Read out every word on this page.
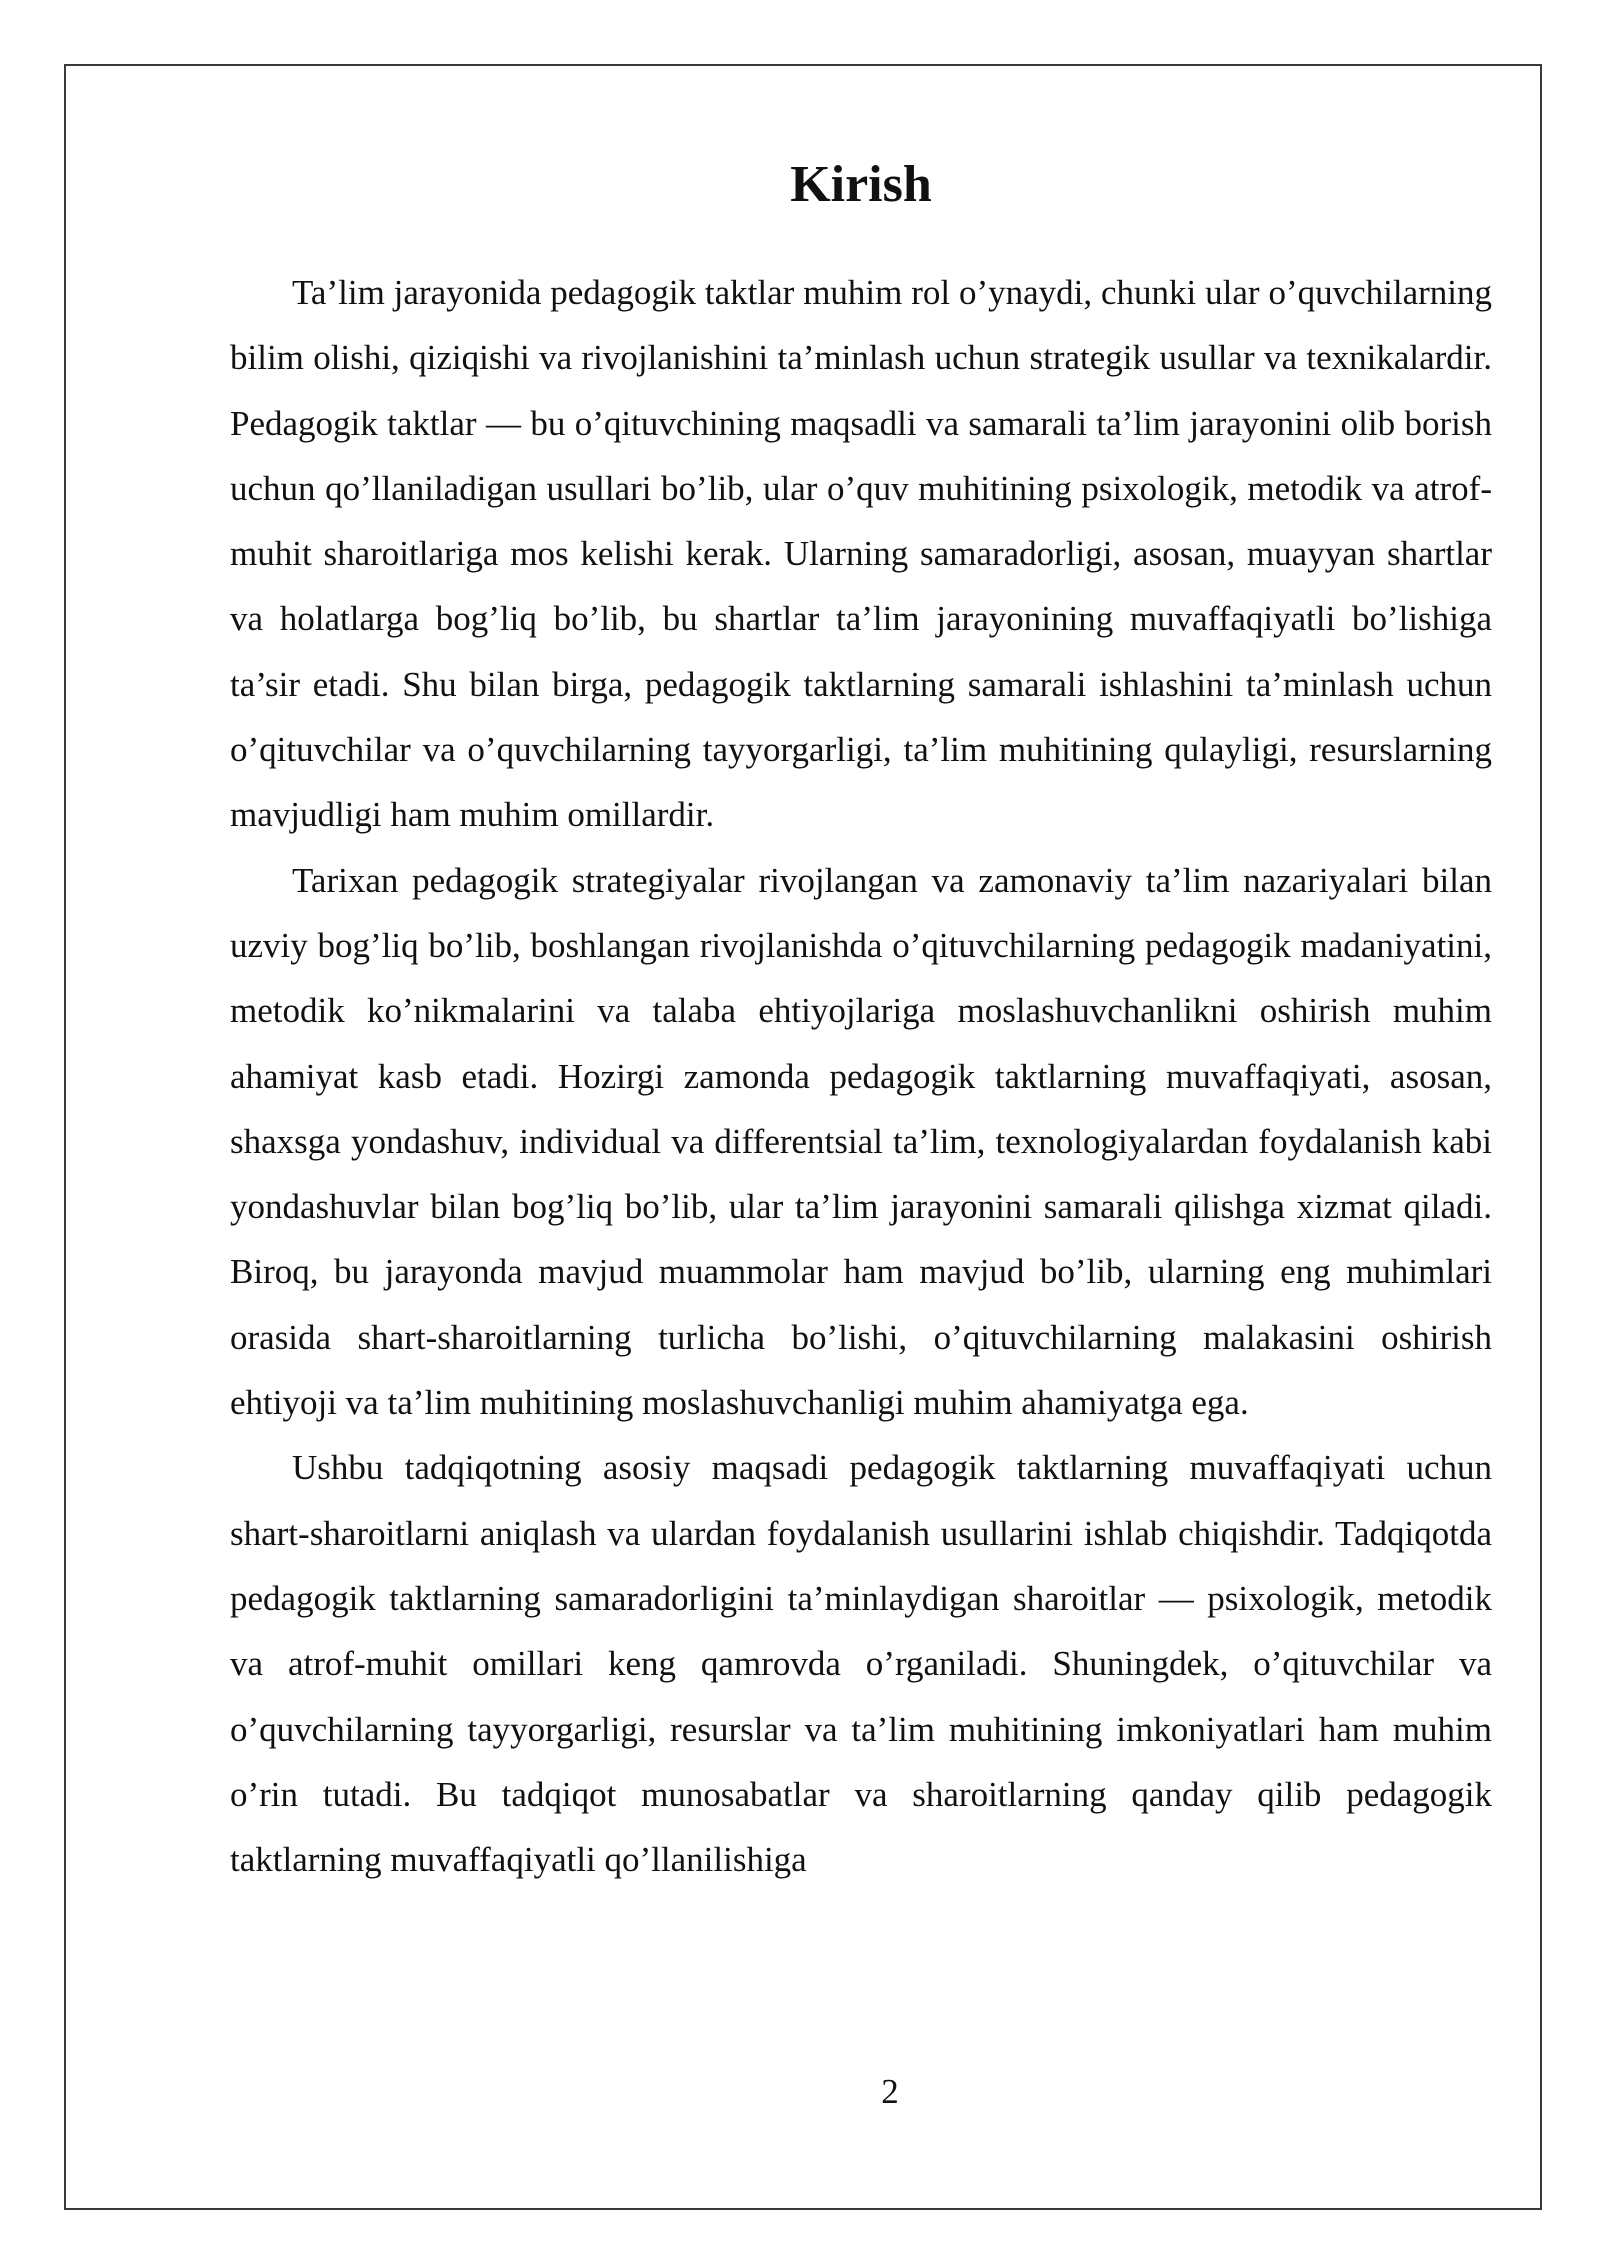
Kirish

Ta’lim jarayonida pedagogik taktlar muhim rol o’ynaydi, chunki ular o’quvchilarning bilim olishi, qiziqishi va rivojlanishini ta’minlash uchun strategik usullar va texnikalardir. Pedagogik taktlar — bu o’qituvchining maqsadli va samarali ta’lim jarayonini olib borish uchun qo’llaniladigan usullari bo’lib, ular o’quv muhitining psixologik, metodik va atrof-muhit sharoitlariga mos kelishi kerak. Ularning samaradorligi, asosan, muayyan shartlar va holatlarga bog’liq bo’lib, bu shartlar ta’lim jarayonining muvaffaqiyatli bo’lishiga ta’sir etadi. Shu bilan birga, pedagogik taktlarning samarali ishlashini ta’minlash uchun o’qituvchilar va o’quvchilarning tayyorgarligi, ta’lim muhitining qulayligi, resurslarning mavjudligi ham muhim omillardir.

Tarixan pedagogik strategiyalar rivojlangan va zamonaviy ta’lim nazariyalari bilan uzviy bog’liq bo’lib, boshlangan rivojlanishda o’qituvchilarning pedagogik madaniyatini, metodik ko’nikmalarini va talaba ehtiyojlariga moslashuvchanlikni oshirish muhim ahamiyat kasb etadi. Hozirgi zamonda pedagogik taktlarning muvaffaqiyati, asosan, shaxsga yondashuv, individual va differentsial ta’lim, texnologiyalardan foydalanish kabi yondashuvlar bilan bog’liq bo’lib, ular ta’lim jarayonini samarali qilishga xizmat qiladi. Biroq, bu jarayonda mavjud muammolar ham mavjud bo’lib, ularning eng muhimlari orasida shart-sharoitlarning turlicha bo’lishi, o’qituvchilarning malakasini oshirish ehtiyoji va ta’lim muhitining moslashuvchanligi muhim ahamiyatga ega.

Ushbu tadqiqotning asosiy maqsadi pedagogik taktlarning muvaffaqiyati uchun shart-sharoitlarni aniqlash va ulardan foydalanish usullarini ishlab chiqishdir. Tadqiqotda pedagogik taktlarning samaradorligini ta’minlaydigan sharoitlar — psixologik, metodik va atrof-muhit omillari keng qamrovda o’rganiladi. Shuningdek, o’qituvchilar va o’quvchilarning tayyorgarligi, resurslar va ta’lim muhitining imkoniyatlari ham muhim o’rin tutadi. Bu tadqiqot munosabatlar va sharoitlarning qanday qilib pedagogik taktlarning muvaffaqiyatli qo’llanilishiga

2
